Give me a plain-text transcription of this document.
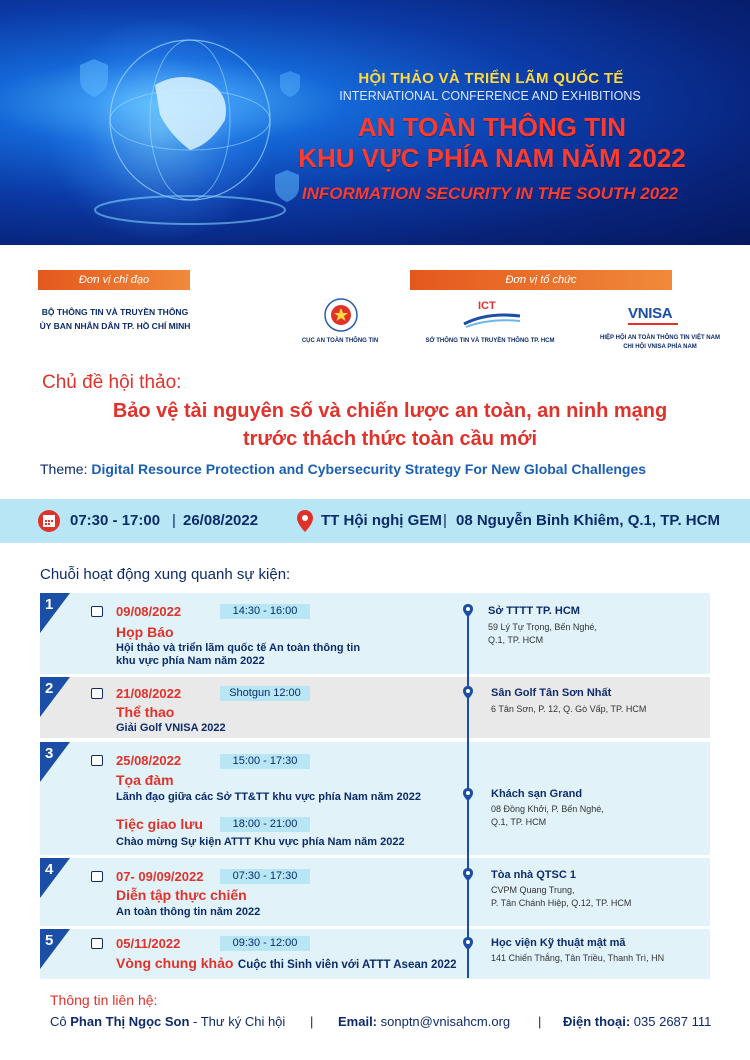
HỘI THẢO VÀ TRIỂN LÃM QUỐC TẾ
INTERNATIONAL CONFERENCE AND EXHIBITIONS
AN TOÀN THÔNG TIN
KHU VỰC PHÍA NAM NĂM 2022
INFORMATION SECURITY IN THE SOUTH 2022
Đơn vị chỉ đạo
BỘ THÔNG TIN VÀ TRUYỀN THÔNG
ỦY BAN NHÂN DÂN TP. HỒ CHÍ MINH
Đơn vị tổ chức
CỤC AN TOÀN THÔNG TIN
ICT
SỞ THÔNG TIN VÀ TRUYỀN THÔNG TP. HCM
VNISA
HIỆP HỘI AN TOÀN THÔNG TIN VIỆT NAM
CHI HỘI VNISA PHÍA NAM
Chủ đề hội thảo:
Bảo vệ tài nguyên số và chiến lược an toàn, an ninh mạng
trước thách thức toàn cầu mới
Theme: Digital Resource Protection and Cybersecurity Strategy For New Global Challenges
07:30 - 17:00 | 26/08/2022	TT Hội nghị GEM | 08 Nguyễn Bỉnh Khiêm, Q.1, TP. HCM
Chuỗi hoạt động xung quanh sự kiện:
1	09/08/2022	14:30 - 16:00
Họp Báo
Hội thảo và triển lãm quốc tế An toàn thông tin
khu vực phía Nam năm 2022
Sở TTTT TP. HCM
59 Lý Tự Trọng, Bến Nghé,
Q.1, TP. HCM
2	21/08/2022	Shotgun 12:00
Thể thao
Giải Golf VNISA 2022
Sân Golf Tân Sơn Nhất
6 Tân Sơn, P. 12, Q. Gò Vấp, TP. HCM
3	25/08/2022	15:00 - 17:30
Tọa đàm
Lãnh đạo giữa các Sở TT&TT khu vực phía Nam năm 2022
Tiệc giao lưu	18:00 - 21:00
Chào mừng Sự kiện ATTT Khu vực phía Nam năm 2022
Khách sạn Grand
08 Đồng Khởi, P. Bến Nghé,
Q.1, TP. HCM
4	07- 09/09/2022	07:30 - 17:30
Diễn tập thực chiến
An toàn thông tin năm 2022
Tòa nhà QTSC 1
CVPM Quang Trung,
P. Tân Chánh Hiệp, Q.12, TP. HCM
5	05/11/2022	09:30 - 12:00
Vòng chung khảo Cuộc thi Sinh viên với ATTT Asean 2022
Học viện Kỹ thuật mật mã
141 Chiến Thắng, Tân Triều, Thanh Trì, HN
Thông tin liên hệ:
Cô Phan Thị Ngọc Son - Thư ký Chi hội | Email: sonptn@vnisahcm.org | Điện thoại: 035 2687 111
